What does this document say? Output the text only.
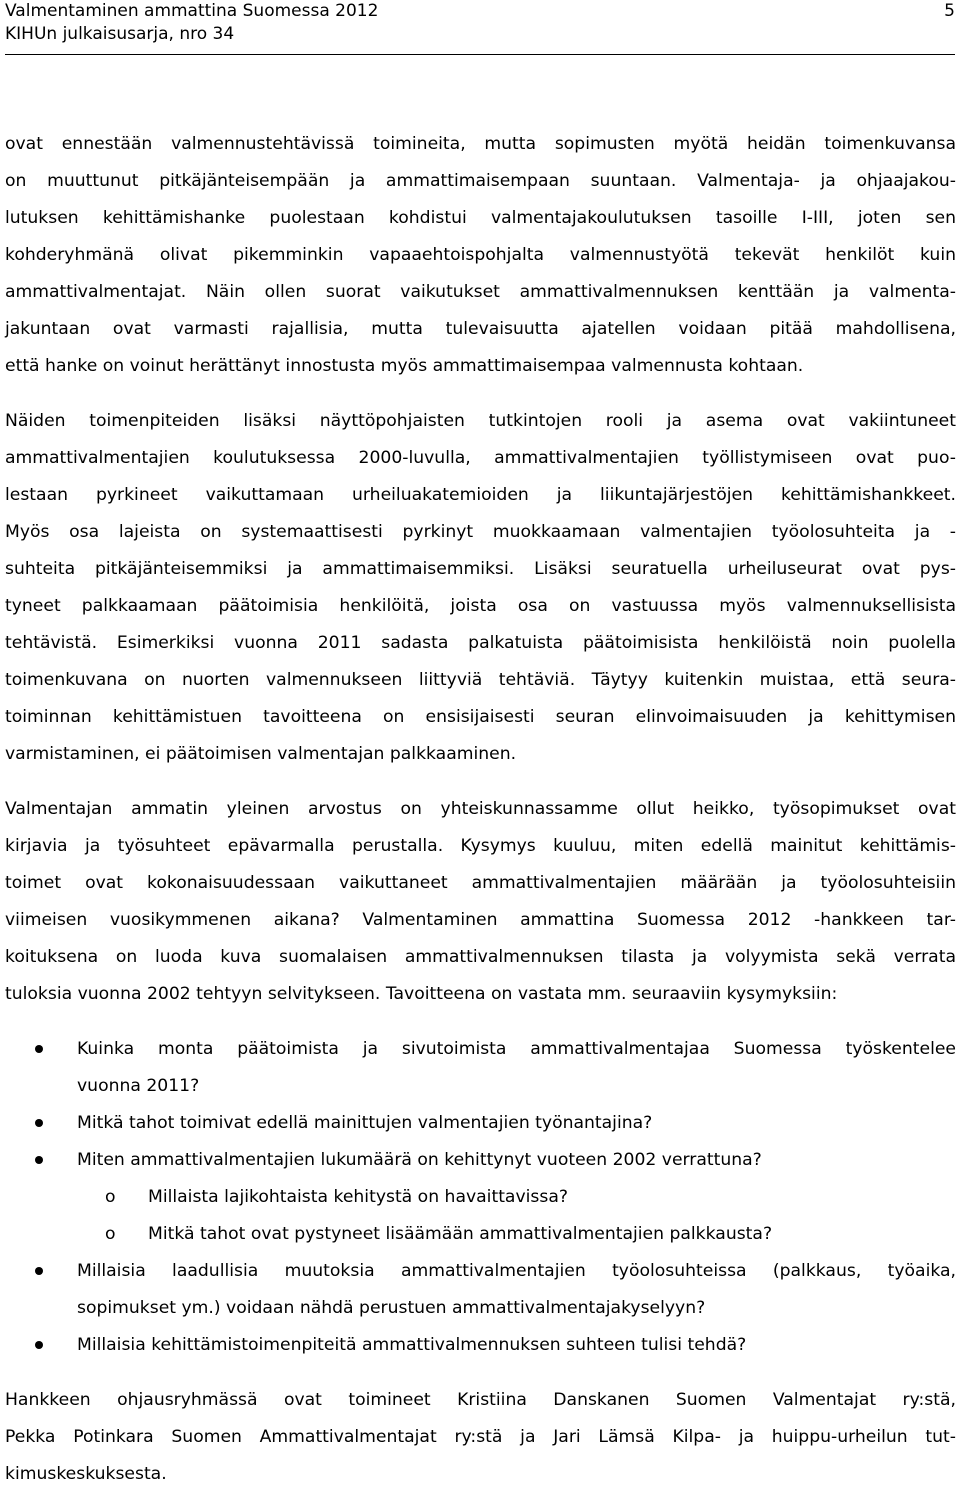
Valmentaminen ammattina Suomessa 2012
KIHUn julkaisusarja, nro 34
5
ovat ennestään valmennustehtävissä toimineita, mutta sopimusten myötä heidän toimenkuvansa
on muuttunut pitkäjänteisempään ja ammattimaisempaan suuntaan. Valmentaja- ja ohjaajakou-
lutuksen kehittämishanke puolestaan kohdistui valmentajakoulutuksen tasoille I-III, joten sen
kohderyhmänä olivat pikemminkin vapaaehtoispohjalta valmennustyötä tekevät henkilöt kuin
ammattivalmentajat. Näin ollen suorat vaikutukset ammattivalmennuksen kenttään ja valmenta-
jakuntaan ovat varmasti rajallisia, mutta tulevaisuutta ajatellen voidaan pitää mahdollisena,
että hanke on voinut herättänyt innostusta myös ammattimaisempaa valmennusta kohtaan.
Näiden toimenpiteiden lisäksi näyttöpohjaisten tutkintojen rooli ja asema ovat vakiintuneet
ammattivalmentajien koulutuksessa 2000-luvulla, ammattivalmentajien työllistymiseen ovat puo-
lestaan pyrkineet vaikuttamaan urheiluakatemioiden ja liikuntajärjestöjen kehittämishankkeet.
Myös osa lajeista on systemaattisesti pyrkinyt muokkaamaan valmentajien työolosuhteita ja -
suhteita pitkäjänteisemmiksi ja ammattimaisemmiksi. Lisäksi seuratuella urheiluseurat ovat pys-
tyneet palkkaamaan päätoimisia henkilöitä, joista osa on vastuussa myös valmennuksellisista
tehtävistä. Esimerkiksi vuonna 2011 sadasta palkatuista päätoimisista henkilöistä noin puolella
toimenkuvana on nuorten valmennukseen liittyviä tehtäviä. Täytyy kuitenkin muistaa, että seura-
toiminnan kehittämistuen tavoitteena on ensisijaisesti seuran elinvoimaisuuden ja kehittymisen
varmistaminen, ei päätoimisen valmentajan palkkaaminen.
Valmentajan ammatin yleinen arvostus on yhteiskunnassamme ollut heikko, työsopimukset ovat
kirjavia ja työsuhteet epävarmalla perustalla. Kysymys kuuluu, miten edellä mainitut kehittämis-
toimet ovat kokonaisuudessaan vaikuttaneet ammattivalmentajien määrään ja työolosuhteisiin
viimeisen vuosikymmenen aikana? Valmentaminen ammattina Suomessa 2012 -hankkeen tar-
koituksena on luoda kuva suomalaisen ammattivalmennuksen tilasta ja volyymista sekä verrata
tuloksia vuonna 2002 tehtyyn selvitykseen. Tavoitteena on vastata mm. seuraaviin kysymyksiin:
Kuinka monta päätoimista ja sivutoimista ammattivalmentajaa Suomessa työskentelee
vuonna 2011?
Mitkä tahot toimivat edellä mainittujen valmentajien työnantajina?
Miten ammattivalmentajien lukumäärä on kehittynyt vuoteen 2002 verrattuna?
o Millaista lajikohtaista kehitystä on havaittavissa?
o Mitkä tahot ovat pystyneet lisäämään ammattivalmentajien palkkausta?
Millaisia laadullisia muutoksia ammattivalmentajien työolosuhteissa (palkkaus, työaika,
sopimukset ym.) voidaan nähdä perustuen ammattivalmentajakyselyyn?
Millaisia kehittämistoimenpiteitä ammattivalmennuksen suhteen tulisi tehdä?
Hankkeen ohjausryhmässä ovat toimineet Kristiina Danskanen Suomen Valmentajat ry:stä,
Pekka Potinkara Suomen Ammattivalmentajat ry:stä ja Jari Lämsä Kilpa- ja huippu-urheilun tut-
kimuskeskuksesta.
